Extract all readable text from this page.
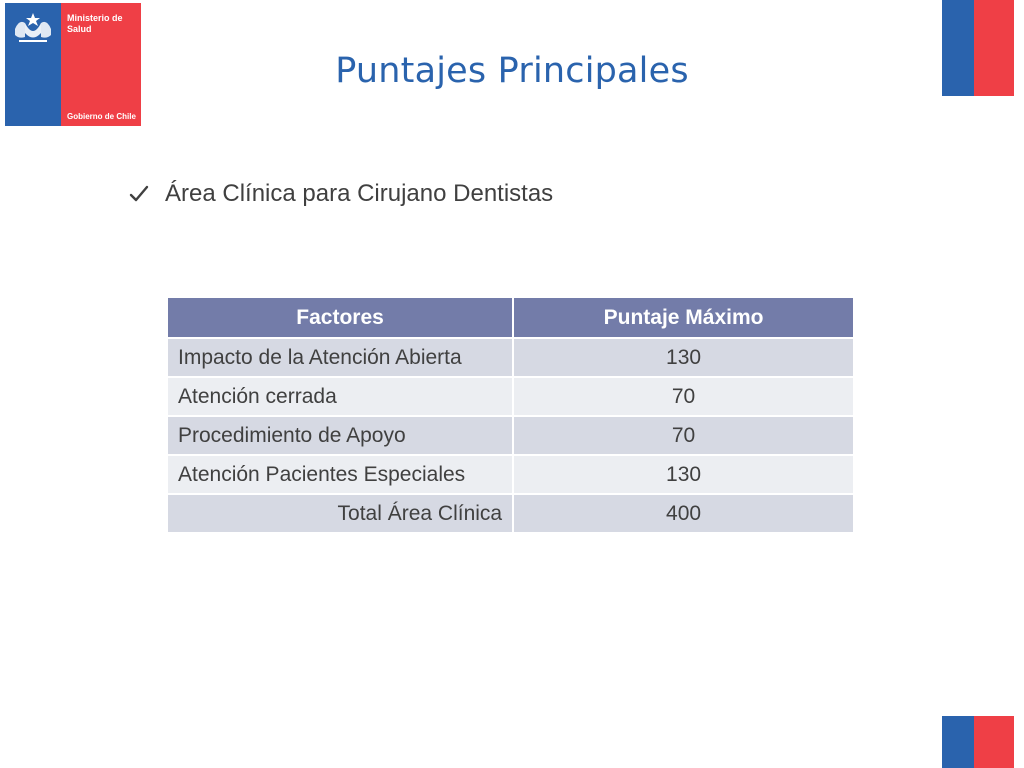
Ministerio de Salud
Gobierno de Chile
Puntajes Principales
Área Clínica para Cirujano Dentistas
Factores	Puntaje Máximo
Impacto de la Atención Abierta	130
Atención cerrada	70
Procedimiento de Apoyo	70
Atención Pacientes Especiales	130
Total Área Clínica	400
